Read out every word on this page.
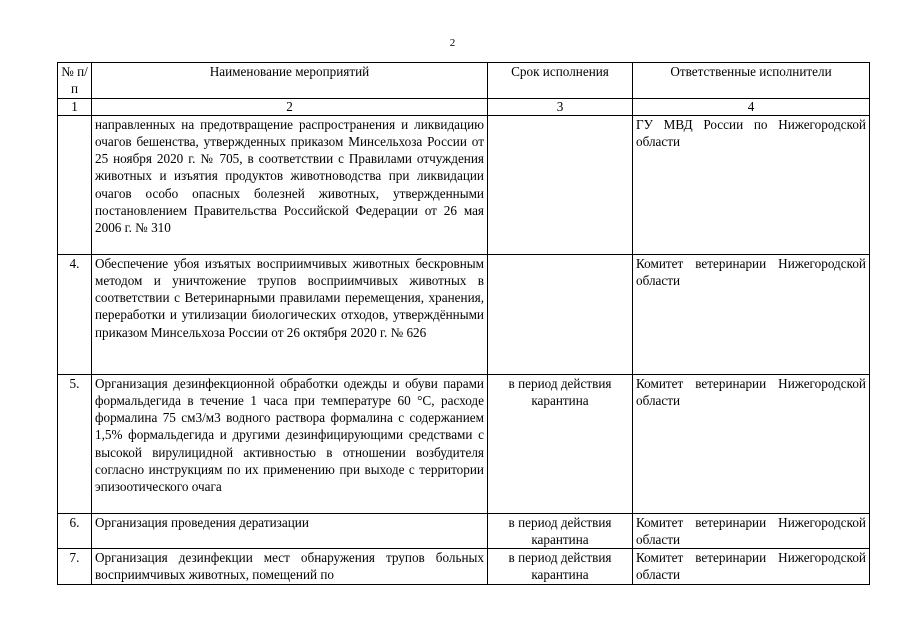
2
№ п/п	Наименование мероприятий	Срок исполнения	Ответственные исполнители
1	2	3	4
	направленных на предотвращение распространения и ликвидацию очагов бешенства, утвержденных приказом Минсельхоза России от 25 ноября 2020 г. № 705, в соответствии с Правилами отчуждения животных и изъятия продуктов животноводства при ликвидации очагов особо опасных болезней животных, утвержденными постановлением Правительства Российской Федерации от 26 мая 2006 г. № 310		ГУ МВД России по Нижегородской области
4.	Обеспечение убоя изъятых восприимчивых животных бескровным методом и уничтожение трупов восприимчивых животных в соответствии с Ветеринарными правилами перемещения, хранения, переработки и утилизации биологических отходов, утверждёнными приказом Минсельхоза России от 26 октября 2020 г. № 626		Комитет ветеринарии Нижегородской области
5.	Организация дезинфекционной обработки одежды и обуви парами формальдегида в течение 1 часа при температуре 60 °С, расходе формалина 75 см3/м3 водного раствора формалина с содержанием 1,5% формальдегида и другими дезинфицирующими средствами с высокой вирулицидной активностью в отношении возбудителя согласно инструкциям по их применению при выходе с территории эпизоотического очага	в период действия карантина	Комитет ветеринарии Нижегородской области
6.	Организация проведения дератизации	в период действия карантина	Комитет ветеринарии Нижегородской области
7.	Организация дезинфекции мест обнаружения трупов больных восприимчивых животных, помещений по	в период действия карантина	Комитет ветеринарии Нижегородской области
